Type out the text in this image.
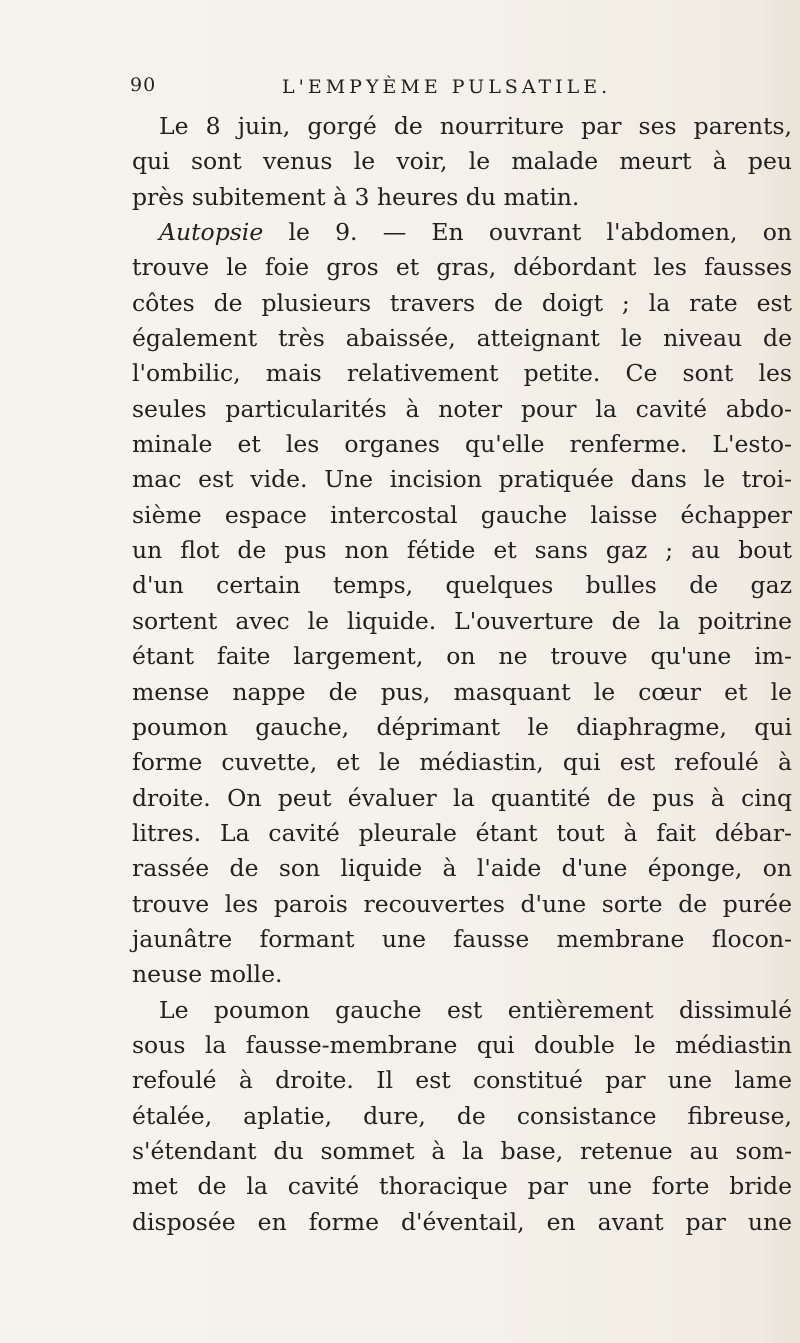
90	L'EMPYÈME PULSATILE.
Le 8 juin, gorgé de nourriture par ses parents,
qui sont venus le voir, le malade meurt à peu
près subitement à 3 heures du matin.
Autopsie le 9. — En ouvrant l'abdomen, on
trouve le foie gros et gras, débordant les fausses
côtes de plusieurs travers de doigt ; la rate est
également très abaissée, atteignant le niveau de
l'ombilic, mais relativement petite. Ce sont les
seules particularités à noter pour la cavité abdo-
minale et les organes qu'elle renferme. L'esto-
mac est vide. Une incision pratiquée dans le troi-
sième espace intercostal gauche laisse échapper
un flot de pus non fétide et sans gaz ; au bout
d'un certain temps, quelques bulles de gaz
sortent avec le liquide. L'ouverture de la poitrine
étant faite largement, on ne trouve qu'une im-
mense nappe de pus, masquant le cœur et le
poumon gauche, déprimant le diaphragme, qui
forme cuvette, et le médiastin, qui est refoulé à
droite. On peut évaluer la quantité de pus à cinq
litres. La cavité pleurale étant tout à fait débar-
rassée de son liquide à l'aide d'une éponge, on
trouve les parois recouvertes d'une sorte de purée
jaunâtre formant une fausse membrane flocon-
neuse molle.
Le poumon gauche est entièrement dissimulé
sous la fausse-membrane qui double le médiastin
refoulé à droite. Il est constitué par une lame
étalée, aplatie, dure, de consistance fibreuse,
s'étendant du sommet à la base, retenue au som-
met de la cavité thoracique par une forte bride
disposée en forme d'éventail, en avant par une
